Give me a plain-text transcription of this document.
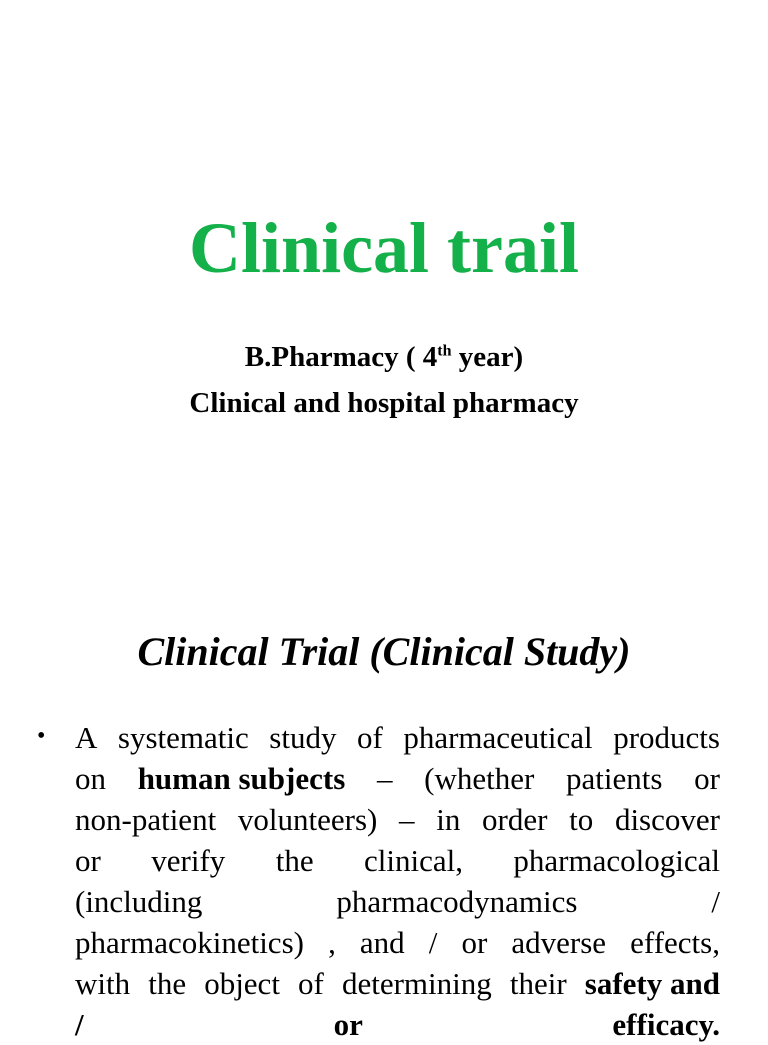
Clinical trail
B.Pharmacy ( 4th year)
Clinical and hospital pharmacy
Clinical Trial (Clinical Study)
• A systematic study of pharmaceutical products
on human subjects – (whether patients or
non-patient volunteers) – in order to discover
or verify the clinical, pharmacological
(including	pharmacodynamics	/
pharmacokinetics) , and / or adverse effects,
with the object of determining their safety and
/ or efficacy.
